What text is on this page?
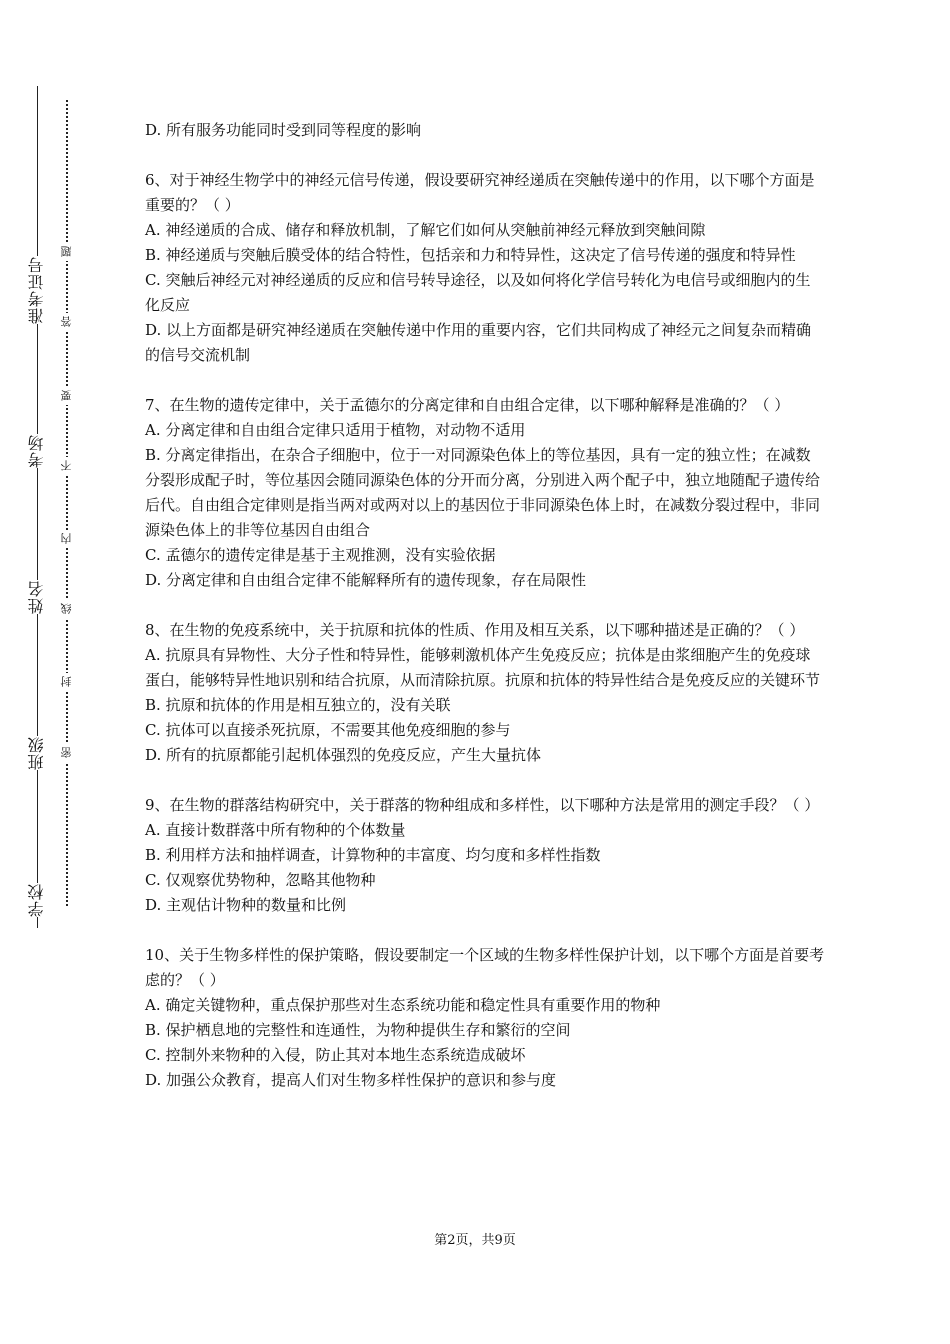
准考证号
考场
姓名
班级
学校
题
答
要
不
内
线
封
密

D. 所有服务功能同时受到同等程度的影响

6、对于神经生物学中的神经元信号传递，假设要研究神经递质在突触传递中的作用，以下哪个方面是重要的？（ ）

A. 神经递质的合成、储存和释放机制，了解它们如何从突触前神经元释放到突触间隙

B. 神经递质与突触后膜受体的结合特性，包括亲和力和特异性，这决定了信号传递的强度和特异性

C. 突触后神经元对神经递质的反应和信号转导途径，以及如何将化学信号转化为电信号或细胞内的生化反应

D. 以上方面都是研究神经递质在突触传递中作用的重要内容，它们共同构成了神经元之间复杂而精确的信号交流机制

7、在生物的遗传定律中，关于孟德尔的分离定律和自由组合定律，以下哪种解释是准确的？（ ）

A. 分离定律和自由组合定律只适用于植物，对动物不适用

B. 分离定律指出，在杂合子细胞中，位于一对同源染色体上的等位基因，具有一定的独立性；在减数分裂形成配子时，等位基因会随同源染色体的分开而分离，分别进入两个配子中，独立地随配子遗传给后代。自由组合定律则是指当两对或两对以上的基因位于非同源染色体上时，在减数分裂过程中，非同源染色体上的非等位基因自由组合

C. 孟德尔的遗传定律是基于主观推测，没有实验依据

D. 分离定律和自由组合定律不能解释所有的遗传现象，存在局限性

8、在生物的免疫系统中，关于抗原和抗体的性质、作用及相互关系，以下哪种描述是正确的？（ ）

A. 抗原具有异物性、大分子性和特异性，能够刺激机体产生免疫反应；抗体是由浆细胞产生的免疫球蛋白，能够特异性地识别和结合抗原，从而清除抗原。抗原和抗体的特异性结合是免疫反应的关键环节

B. 抗原和抗体的作用是相互独立的，没有关联

C. 抗体可以直接杀死抗原，不需要其他免疫细胞的参与

D. 所有的抗原都能引起机体强烈的免疫反应，产生大量抗体

9、在生物的群落结构研究中，关于群落的物种组成和多样性，以下哪种方法是常用的测定手段？（ ）

A. 直接计数群落中所有物种的个体数量

B. 利用样方法和抽样调查，计算物种的丰富度、均匀度和多样性指数

C. 仅观察优势物种，忽略其他物种

D. 主观估计物种的数量和比例

10、关于生物多样性的保护策略，假设要制定一个区域的生物多样性保护计划，以下哪个方面是首要考虑的？（ ）

A. 确定关键物种，重点保护那些对生态系统功能和稳定性具有重要作用的物种

B. 保护栖息地的完整性和连通性，为物种提供生存和繁衍的空间

C. 控制外来物种的入侵，防止其对本地生态系统造成破坏

D. 加强公众教育，提高人们对生物多样性保护的意识和参与度

第2页，共9页
